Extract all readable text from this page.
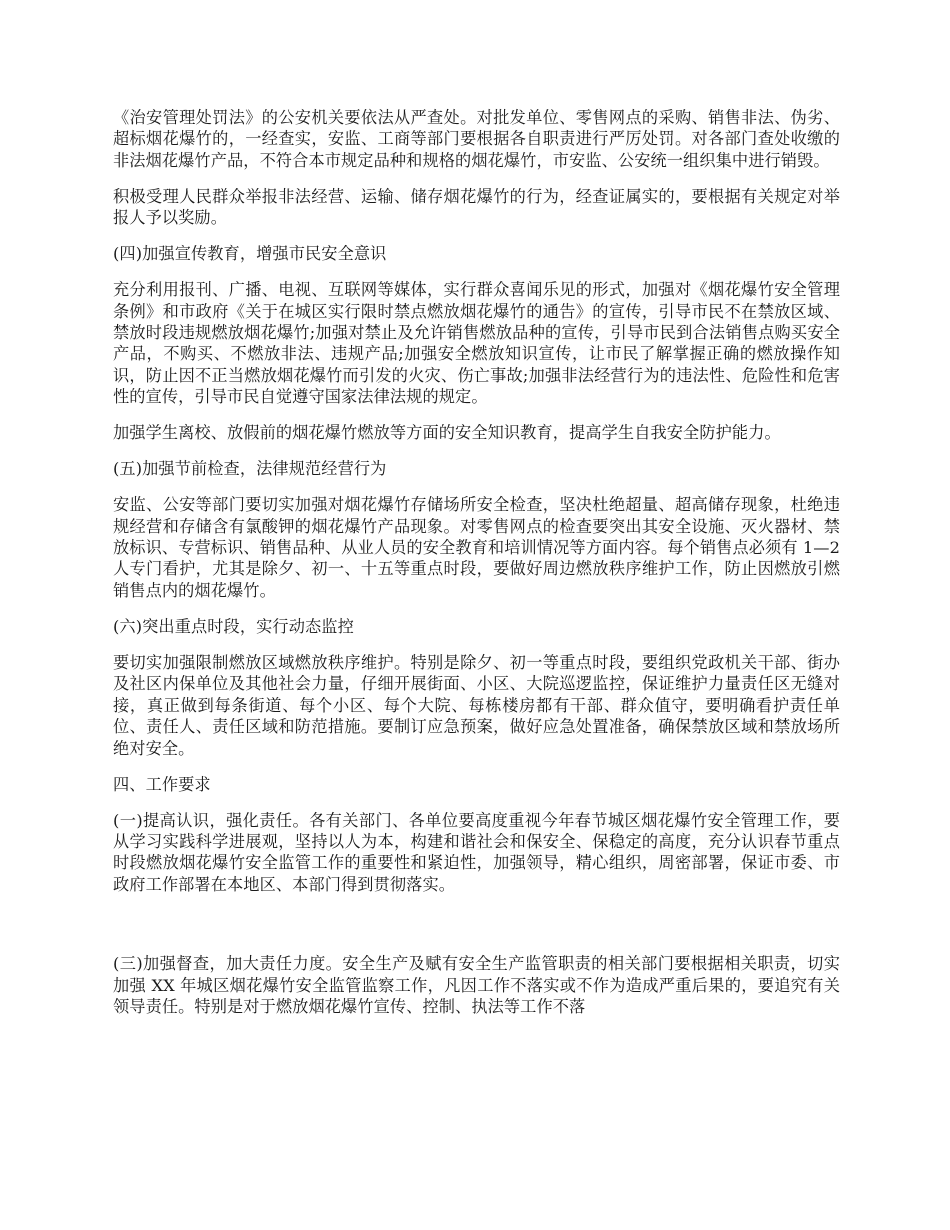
《治安管理处罚法》的公安机关要依法从严查处。对批发单位、零售网点的采购、销售非法、伪劣、超标烟花爆竹的，一经查实，安监、工商等部门要根据各自职责进行严厉处罚。对各部门查处收缴的非法烟花爆竹产品，不符合本市规定品种和规格的烟花爆竹，市安监、公安统一组织集中进行销毁。

积极受理人民群众举报非法经营、运输、储存烟花爆竹的行为，经查证属实的，要根据有关规定对举报人予以奖励。

(四)加强宣传教育，增强市民安全意识

充分利用报刊、广播、电视、互联网等媒体，实行群众喜闻乐见的形式，加强对《烟花爆竹安全管理条例》和市政府《关于在城区实行限时禁点燃放烟花爆竹的通告》的宣传，引导市民不在禁放区域、禁放时段违规燃放烟花爆竹;加强对禁止及允许销售燃放品种的宣传，引导市民到合法销售点购买安全产品，不购买、不燃放非法、违规产品;加强安全燃放知识宣传，让市民了解掌握正确的燃放操作知识，防止因不正当燃放烟花爆竹而引发的火灾、伤亡事故;加强非法经营行为的违法性、危险性和危害性的宣传，引导市民自觉遵守国家法律法规的规定。

加强学生离校、放假前的烟花爆竹燃放等方面的安全知识教育，提高学生自我安全防护能力。

(五)加强节前检查，法律规范经营行为

安监、公安等部门要切实加强对烟花爆竹存储场所安全检查，坚决杜绝超量、超高储存现象，杜绝违规经营和存储含有氯酸钾的烟花爆竹产品现象。对零售网点的检查要突出其安全设施、灭火器材、禁放标识、专营标识、销售品种、从业人员的安全教育和培训情况等方面内容。每个销售点必须有 1—2 人专门看护，尤其是除夕、初一、十五等重点时段，要做好周边燃放秩序维护工作，防止因燃放引燃销售点内的烟花爆竹。

(六)突出重点时段，实行动态监控

要切实加强限制燃放区域燃放秩序维护。特别是除夕、初一等重点时段，要组织党政机关干部、街办及社区内保单位及其他社会力量，仔细开展街面、小区、大院巡逻监控，保证维护力量责任区无缝对接，真正做到每条街道、每个小区、每个大院、每栋楼房都有干部、群众值守，要明确看护责任单位、责任人、责任区域和防范措施。要制订应急预案，做好应急处置准备，确保禁放区域和禁放场所绝对安全。

四、工作要求

(一)提高认识，强化责任。各有关部门、各单位要高度重视今年春节城区烟花爆竹安全管理工作，要从学习实践科学进展观，坚持以人为本，构建和谐社会和保安全、保稳定的高度，充分认识春节重点时段燃放烟花爆竹安全监管工作的重要性和紧迫性，加强领导，精心组织，周密部署，保证市委、市政府工作部署在本地区、本部门得到贯彻落实。

(三)加强督查，加大责任力度。安全生产及赋有安全生产监管职责的相关部门要根据相关职责，切实加强 XX 年城区烟花爆竹安全监管监察工作，凡因工作不落实或不作为造成严重后果的，要追究有关领导责任。特别是对于燃放烟花爆竹宣传、控制、执法等工作不落
